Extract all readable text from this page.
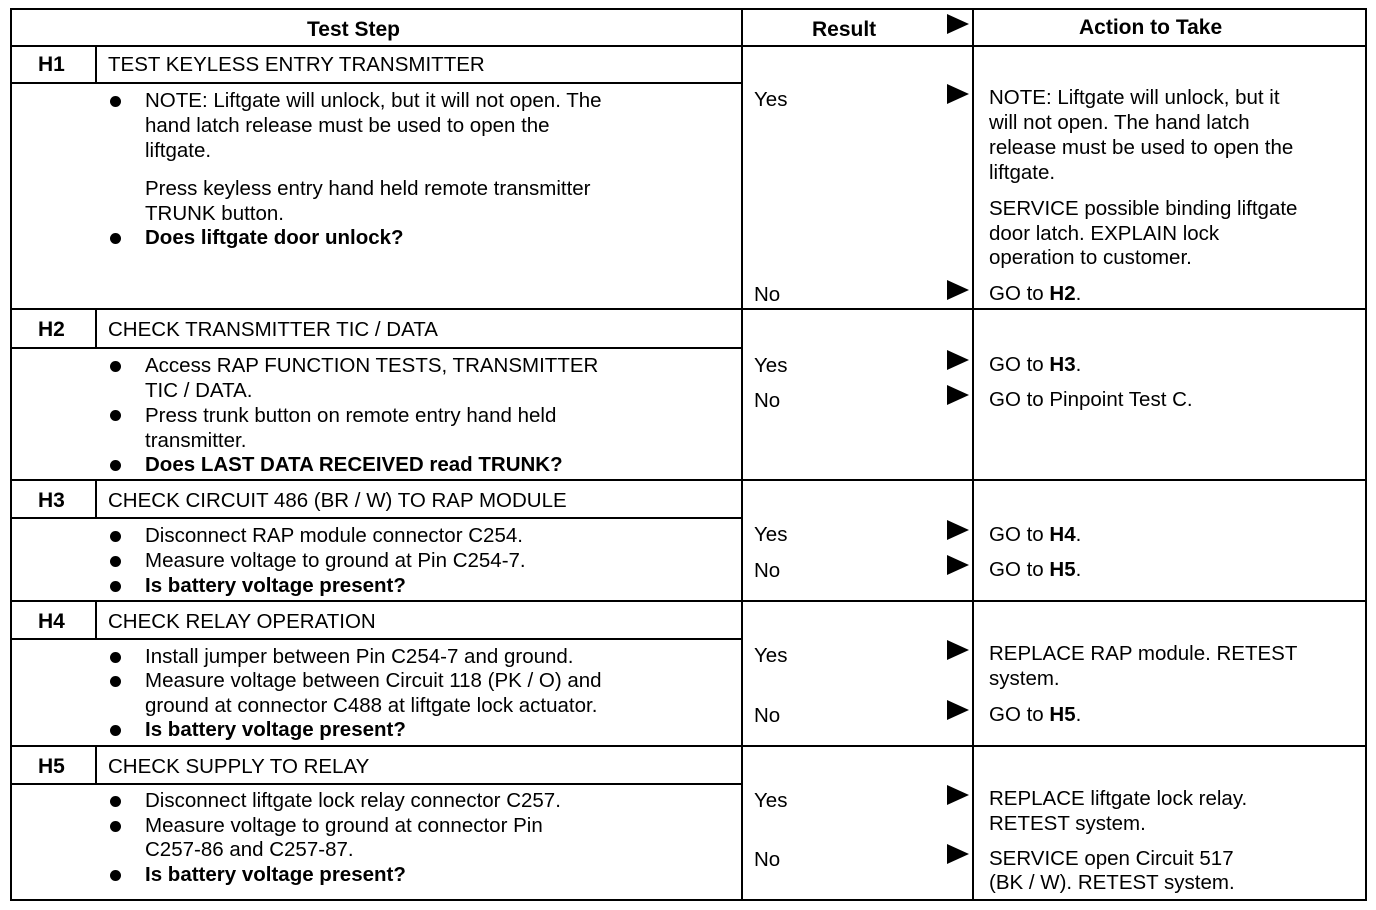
Test Step	Result	Action to Take
H1 TEST KEYLESS ENTRY TRANSMITTER
NOTE: Liftgate will unlock, but it will not open. The
hand latch release must be used to open the
liftgate.
Press keyless entry hand held remote transmitter
TRUNK button.
Does liftgate door unlock?
Yes	NOTE: Liftgate will unlock, but it
will not open. The hand latch
release must be used to open the
liftgate.
SERVICE possible binding liftgate
door latch. EXPLAIN lock
operation to customer.
No	GO to H2.
H2 CHECK TRANSMITTER TIC / DATA
Access RAP FUNCTION TESTS, TRANSMITTER
TIC / DATA.
Press trunk button on remote entry hand held
transmitter.
Does LAST DATA RECEIVED read TRUNK?
Yes	GO to H3.
No	GO to Pinpoint Test C.
H3 CHECK CIRCUIT 486 (BR / W) TO RAP MODULE
Disconnect RAP module connector C254.
Measure voltage to ground at Pin C254-7.
Is battery voltage present?
Yes	GO to H4.
No	GO to H5.
H4 CHECK RELAY OPERATION
Install jumper between Pin C254-7 and ground.
Measure voltage between Circuit 118 (PK / O) and
ground at connector C488 at liftgate lock actuator.
Is battery voltage present?
Yes	REPLACE RAP module. RETEST
system.
No	GO to H5.
H5 CHECK SUPPLY TO RELAY
Disconnect liftgate lock relay connector C257.
Measure voltage to ground at connector Pin
C257-86 and C257-87.
Is battery voltage present?
Yes	REPLACE liftgate lock relay.
RETEST system.
No	SERVICE open Circuit 517
(BK / W). RETEST system.
